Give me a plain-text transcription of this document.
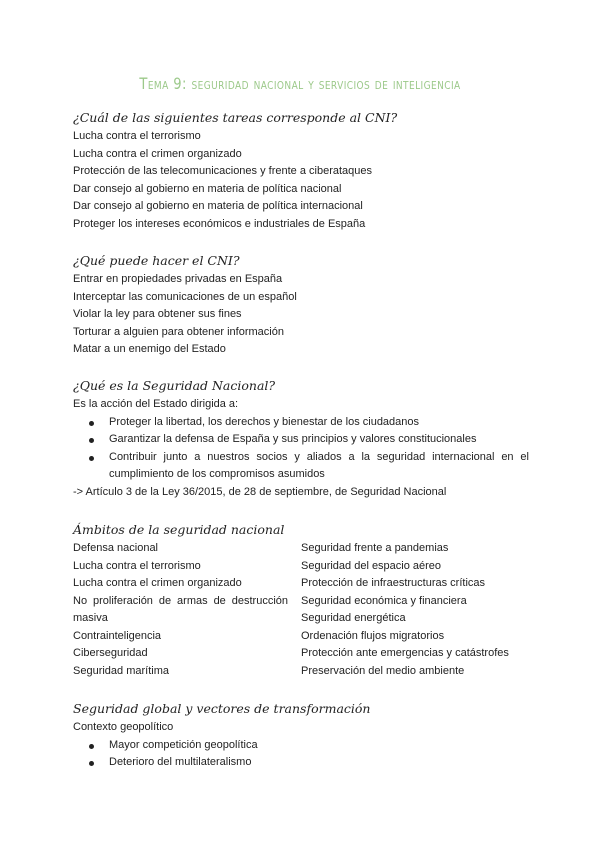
Tema 9: seguridad nacional y servicios de inteligencia
¿Cuál de las siguientes tareas corresponde al CNI?
Lucha contra el terrorismo
Lucha contra el crimen organizado
Protección de las telecomunicaciones y frente a ciberataques
Dar consejo al gobierno en materia de política nacional
Dar consejo al gobierno en materia de política internacional
Proteger los intereses económicos e industriales de España
¿Qué puede hacer el CNI?
Entrar en propiedades privadas en España
Interceptar las comunicaciones de un español
Violar la ley para obtener sus fines
Torturar a alguien para obtener información
Matar a un enemigo del Estado
¿Qué es la Seguridad Nacional?
Es la acción del Estado dirigida a:
Proteger la libertad, los derechos y bienestar de los ciudadanos
Garantizar la defensa de España y sus principios y valores constitucionales
Contribuir junto a nuestros socios y aliados a la seguridad internacional en el cumplimiento de los compromisos asumidos
-> Artículo 3 de la Ley 36/2015, de 28 de septiembre, de Seguridad Nacional
Ámbitos de la seguridad nacional
Defensa nacional
Lucha contra el terrorismo
Lucha contra el crimen organizado
No proliferación de armas de destrucción masiva
Contrainteligencia
Ciberseguridad
Seguridad marítima
Seguridad frente a pandemias
Seguridad del espacio aéreo
Protección de infraestructuras críticas
Seguridad económica y financiera
Seguridad energética
Ordenación flujos migratorios
Protección ante emergencias y catástrofes
Preservación del medio ambiente
Seguridad global y vectores de transformación
Contexto geopolítico
Mayor competición geopolítica
Deterioro del multilateralismo
